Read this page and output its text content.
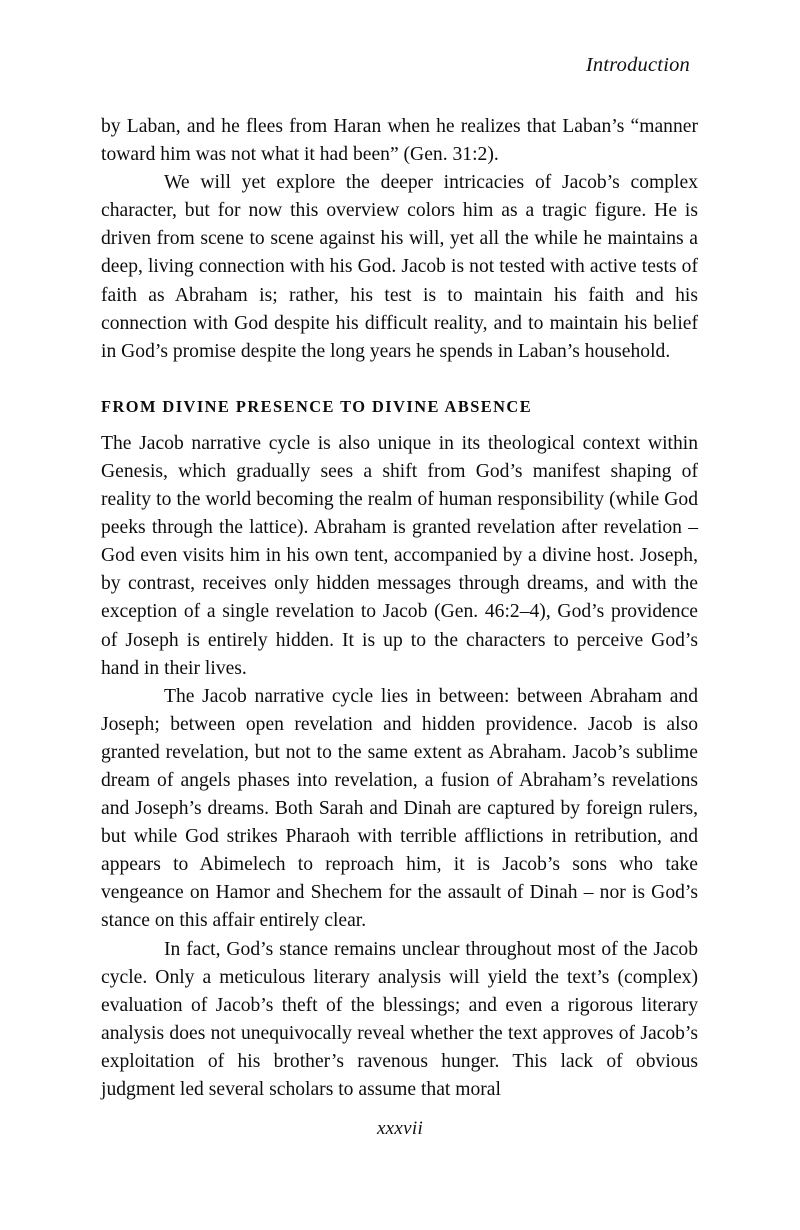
Introduction

by Laban, and he flees from Haran when he realizes that Laban’s “manner toward him was not what it had been” (Gen. 31:2).

We will yet explore the deeper intricacies of Jacob’s complex character, but for now this overview colors him as a tragic figure. He is driven from scene to scene against his will, yet all the while he maintains a deep, living connection with his God. Jacob is not tested with active tests of faith as Abraham is; rather, his test is to maintain his faith and his connection with God despite his difficult reality, and to maintain his belief in God’s promise despite the long years he spends in Laban’s household.

FROM DIVINE PRESENCE TO DIVINE ABSENCE

The Jacob narrative cycle is also unique in its theological context within Genesis, which gradually sees a shift from God’s manifest shaping of reality to the world becoming the realm of human responsibility (while God peeks through the lattice). Abraham is granted revelation after revelation – God even visits him in his own tent, accompanied by a divine host. Joseph, by contrast, receives only hidden messages through dreams, and with the exception of a single revelation to Jacob (Gen. 46:2–4), God’s providence of Joseph is entirely hidden. It is up to the characters to perceive God’s hand in their lives.

The Jacob narrative cycle lies in between: between Abraham and Joseph; between open revelation and hidden providence. Jacob is also granted revelation, but not to the same extent as Abraham. Jacob’s sublime dream of angels phases into revelation, a fusion of Abraham’s revelations and Joseph’s dreams. Both Sarah and Dinah are captured by foreign rulers, but while God strikes Pharaoh with terrible afflictions in retribution, and appears to Abimelech to reproach him, it is Jacob’s sons who take vengeance on Hamor and Shechem for the assault of Dinah – nor is God’s stance on this affair entirely clear.

In fact, God’s stance remains unclear throughout most of the Jacob cycle. Only a meticulous literary analysis will yield the text’s (complex) evaluation of Jacob’s theft of the blessings; and even a rigorous literary analysis does not unequivocally reveal whether the text approves of Jacob’s exploitation of his brother’s ravenous hunger. This lack of obvious judgment led several scholars to assume that moral

xxxvii
